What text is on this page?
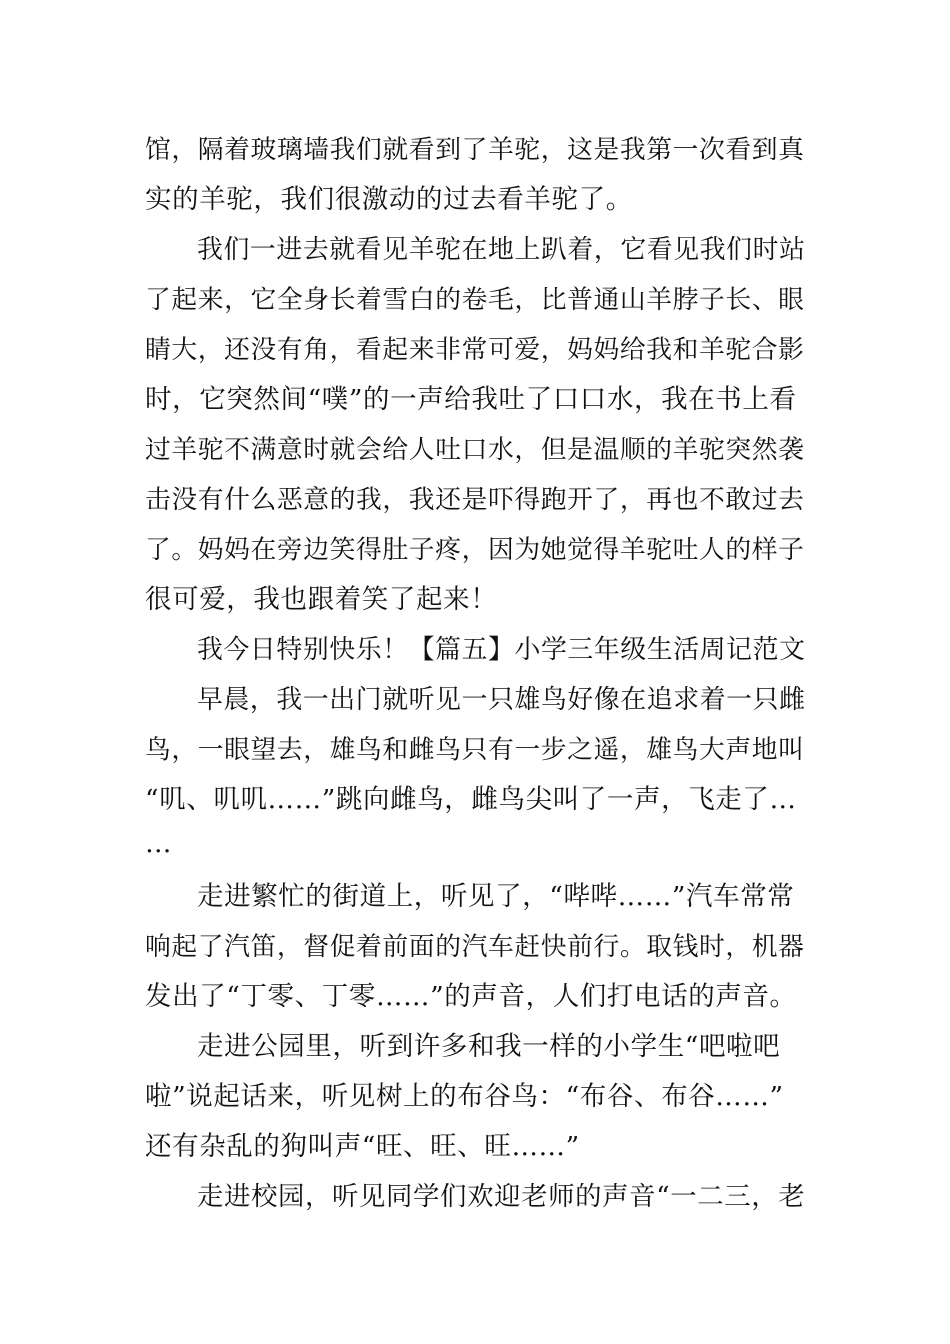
馆，隔着玻璃墙我们就看到了羊驼，这是我第一次看到真
实的羊驼，我们很激动的过去看羊驼了。
我们一进去就看见羊驼在地上趴着，它看见我们时站
了起来，它全身长着雪白的卷毛，比普通山羊脖子长、眼
睛大，还没有角，看起来非常可爱，妈妈给我和羊驼合影
时，它突然间“噗”的一声给我吐了口口水，我在书上看
过羊驼不满意时就会给人吐口水，但是温顺的羊驼突然袭
击没有什么恶意的我，我还是吓得跑开了，再也不敢过去
了。妈妈在旁边笑得肚子疼，因为她觉得羊驼吐人的样子
很可爱，我也跟着笑了起来！
我今日特别快乐！【篇五】小学三年级生活周记范文
早晨，我一出门就听见一只雄鸟好像在追求着一只雌
鸟，一眼望去，雄鸟和雌鸟只有一步之遥，雄鸟大声地叫
“叽、叽叽……”跳向雌鸟，雌鸟尖叫了一声，飞走了…
…
走进繁忙的街道上，听见了，“哔哔……”汽车常常
响起了汽笛，督促着前面的汽车赶快前行。取钱时，机器
发出了“丁零、丁零……”的声音，人们打电话的声音。
走进公园里，听到许多和我一样的小学生“吧啦吧
啦”说起话来，听见树上的布谷鸟：“布谷、布谷……”
还有杂乱的狗叫声“旺、旺、旺……”
走进校园，听见同学们欢迎老师的声音“一二三，老
